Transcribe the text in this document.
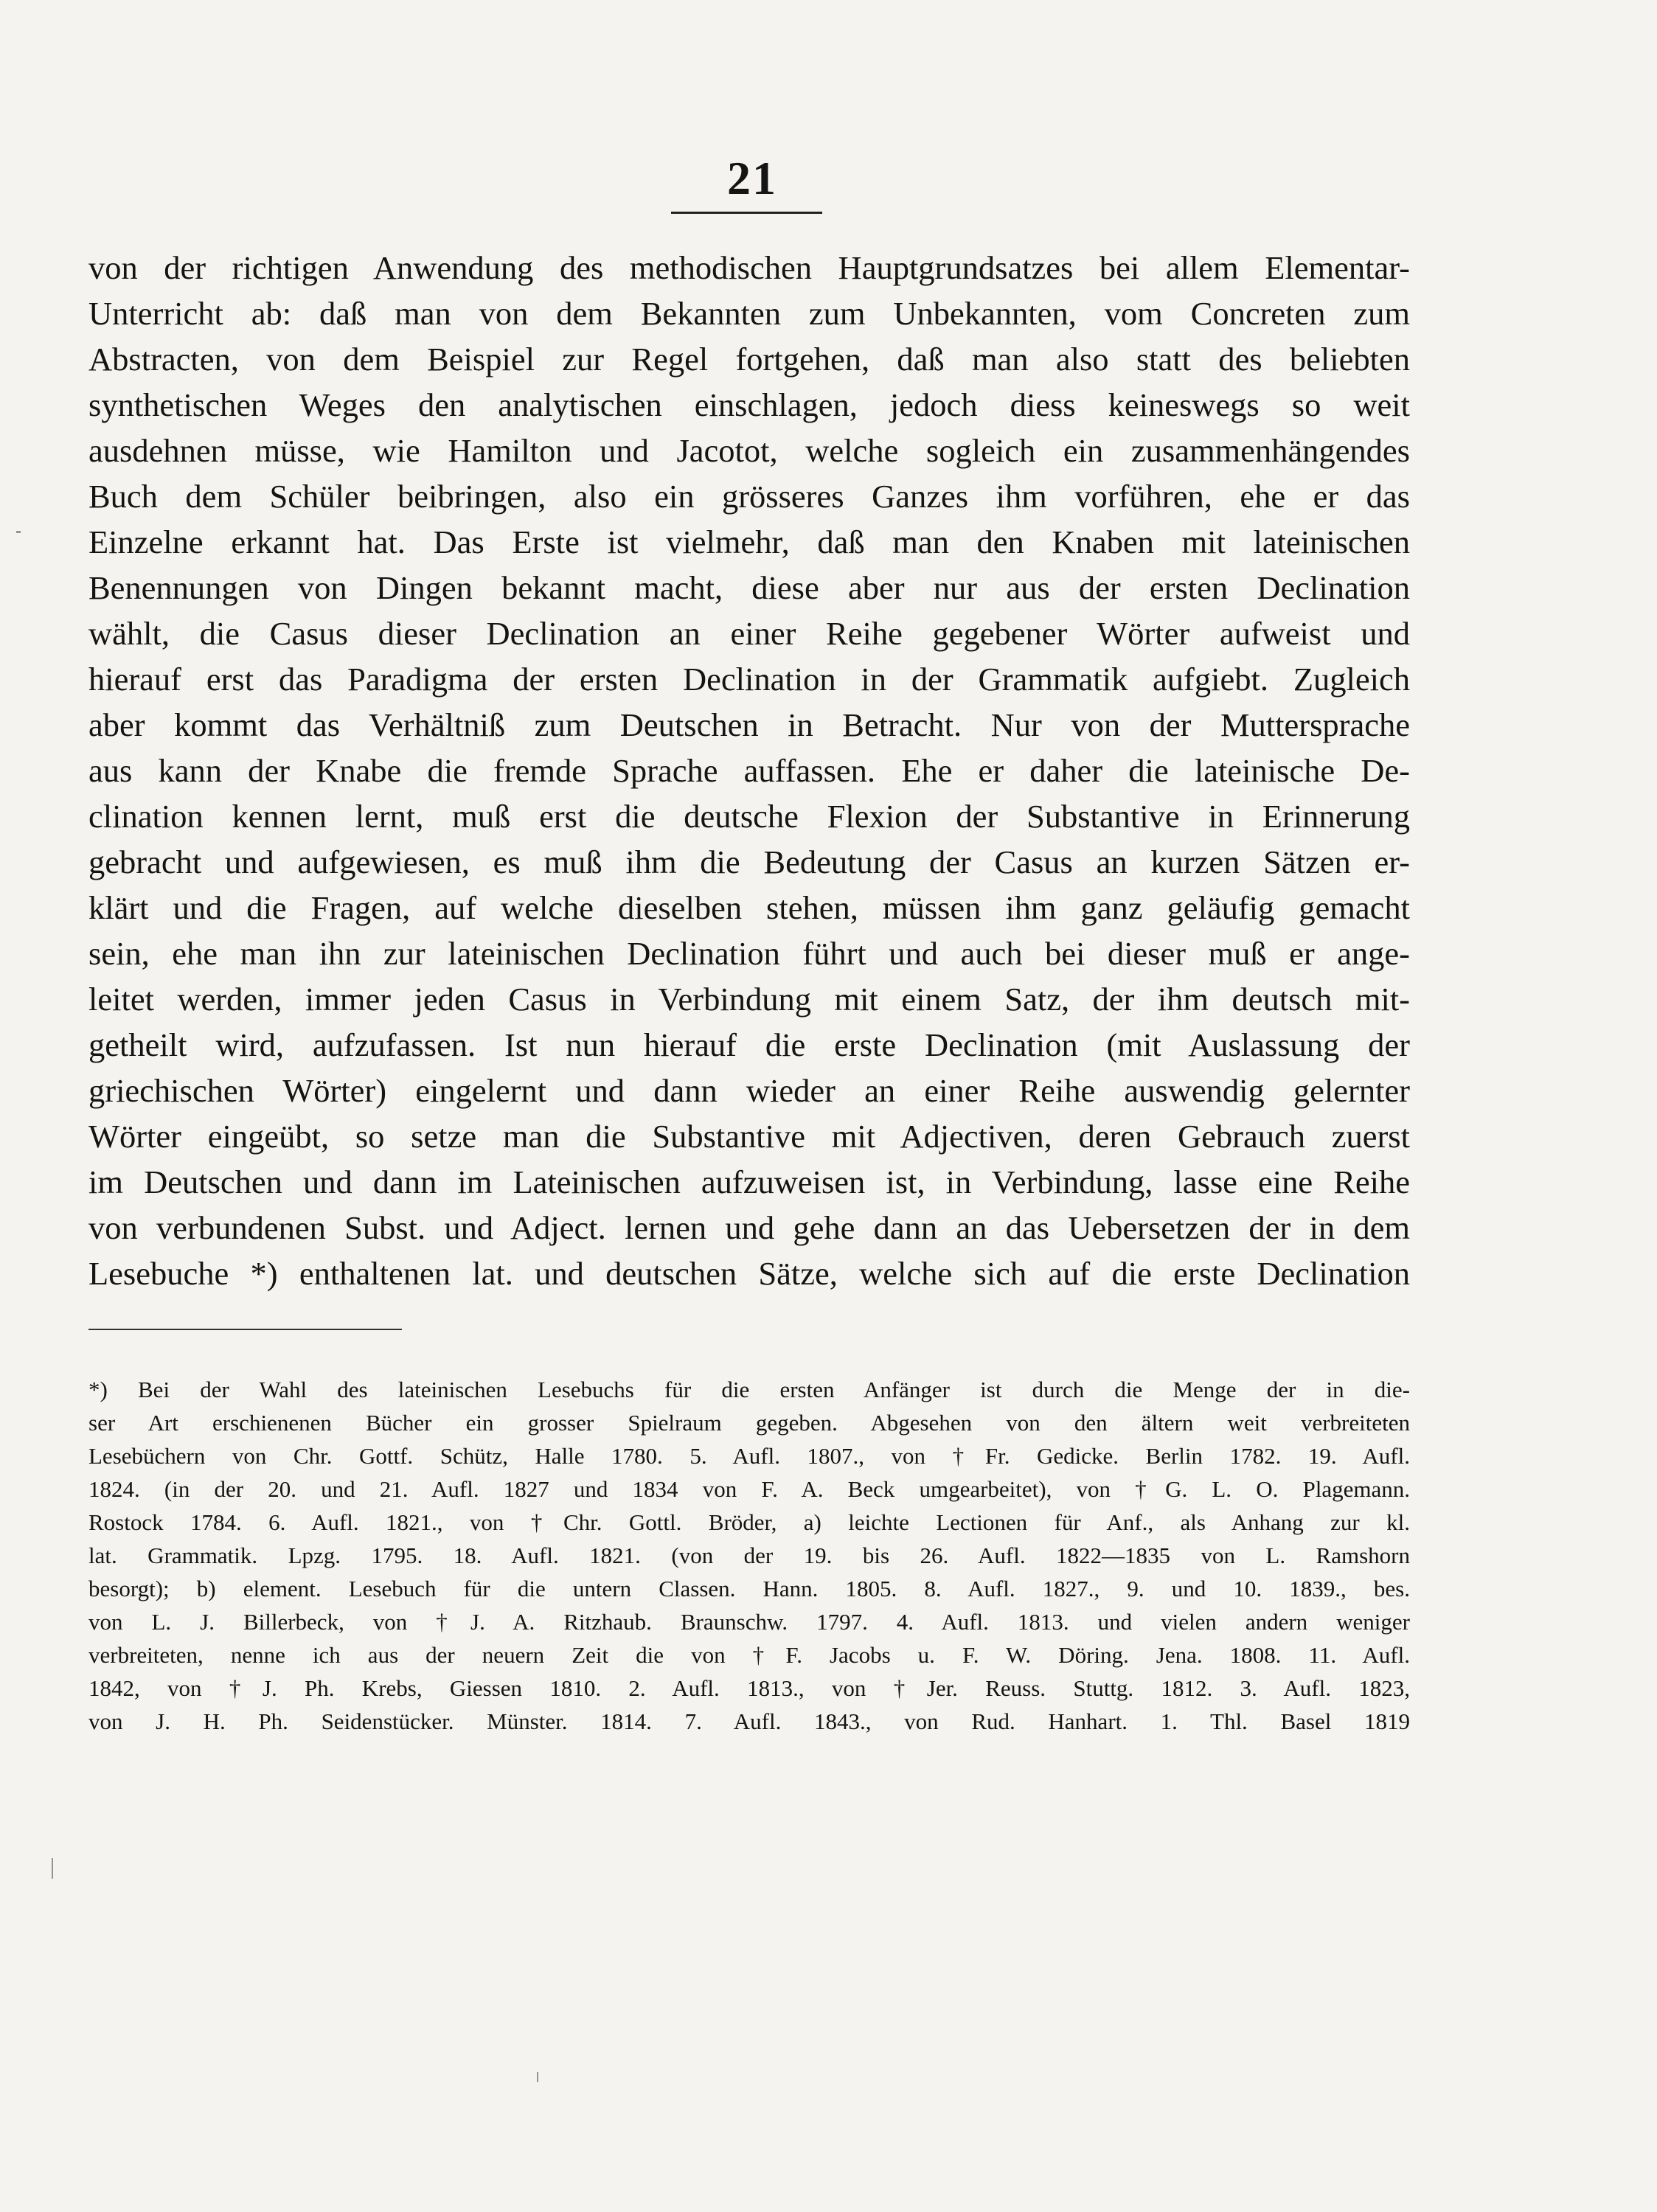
21
von der richtigen Anwendung des methodischen Hauptgrundsatzes bei allem Elementar-
Unterricht ab: daß man von dem Bekannten zum Unbekannten, vom Concreten zum
Abstracten, von dem Beispiel zur Regel fortgehen, daß man also statt des beliebten
synthetischen Weges den analytischen einschlagen, jedoch diess keineswegs so weit
ausdehnen müsse, wie Hamilton und Jacotot, welche sogleich ein zusammenhängendes
Buch dem Schüler beibringen, also ein grösseres Ganzes ihm vorführen, ehe er das
Einzelne erkannt hat. Das Erste ist vielmehr, daß man den Knaben mit lateinischen
Benennungen von Dingen bekannt macht, diese aber nur aus der ersten Declination
wählt, die Casus dieser Declination an einer Reihe gegebener Wörter aufweist und
hierauf erst das Paradigma der ersten Declination in der Grammatik aufgiebt. Zugleich
aber kommt das Verhältniß zum Deutschen in Betracht. Nur von der Muttersprache
aus kann der Knabe die fremde Sprache auffassen. Ehe er daher die lateinische De-
clination kennen lernt, muß erst die deutsche Flexion der Substantive in Erinnerung
gebracht und aufgewiesen, es muß ihm die Bedeutung der Casus an kurzen Sätzen er-
klärt und die Fragen, auf welche dieselben stehen, müssen ihm ganz geläufig gemacht
sein, ehe man ihn zur lateinischen Declination führt und auch bei dieser muß er ange-
leitet werden, immer jeden Casus in Verbindung mit einem Satz, der ihm deutsch mit-
getheilt wird, aufzufassen. Ist nun hierauf die erste Declination (mit Auslassung der
griechischen Wörter) eingelernt und dann wieder an einer Reihe auswendig gelernter
Wörter eingeübt, so setze man die Substantive mit Adjectiven, deren Gebrauch zuerst
im Deutschen und dann im Lateinischen aufzuweisen ist, in Verbindung, lasse eine Reihe
von verbundenen Subst. und Adject. lernen und gehe dann an das Uebersetzen der in dem
Lesebuche *) enthaltenen lat. und deutschen Sätze, welche sich auf die erste Declination
*) Bei der Wahl des lateinischen Lesebuchs für die ersten Anfänger ist durch die Menge der in die-
ser Art erschienenen Bücher ein grosser Spielraum gegeben. Abgesehen von den ältern weit verbreiteten
Lesebüchern von Chr. Gottf. Schütz, Halle 1780. 5. Aufl. 1807., von †Fr. Gedicke. Berlin 1782. 19. Aufl.
1824. (in der 20. und 21. Aufl. 1827 und 1834 von F. A. Beck umgearbeitet), von †G. L. O. Plagemann.
Rostock 1784. 6. Aufl. 1821., von †Chr. Gottl. Bröder, a) leichte Lectionen für Anf., als Anhang zur kl.
lat. Grammatik. Lpzg. 1795. 18. Aufl. 1821. (von der 19. bis 26. Aufl. 1822—1835 von L. Ramshorn
besorgt); b) element. Lesebuch für die untern Classen. Hann. 1805. 8. Aufl. 1827., 9. und 10. 1839., bes.
von L. J. Billerbeck, von †J. A. Ritzhaub. Braunschw. 1797. 4. Aufl. 1813. und vielen andern weniger
verbreiteten, nenne ich aus der neuern Zeit die von †F. Jacobs u. F. W. Döring. Jena. 1808. 11. Aufl.
1842, von †J. Ph. Krebs, Giessen 1810. 2. Aufl. 1813., von †Jer. Reuss. Stuttg. 1812. 3. Aufl. 1823,
von J. H. Ph. Seidenstücker. Münster. 1814. 7. Aufl. 1843., von Rud. Hanhart. 1. Thl. Basel 1819
